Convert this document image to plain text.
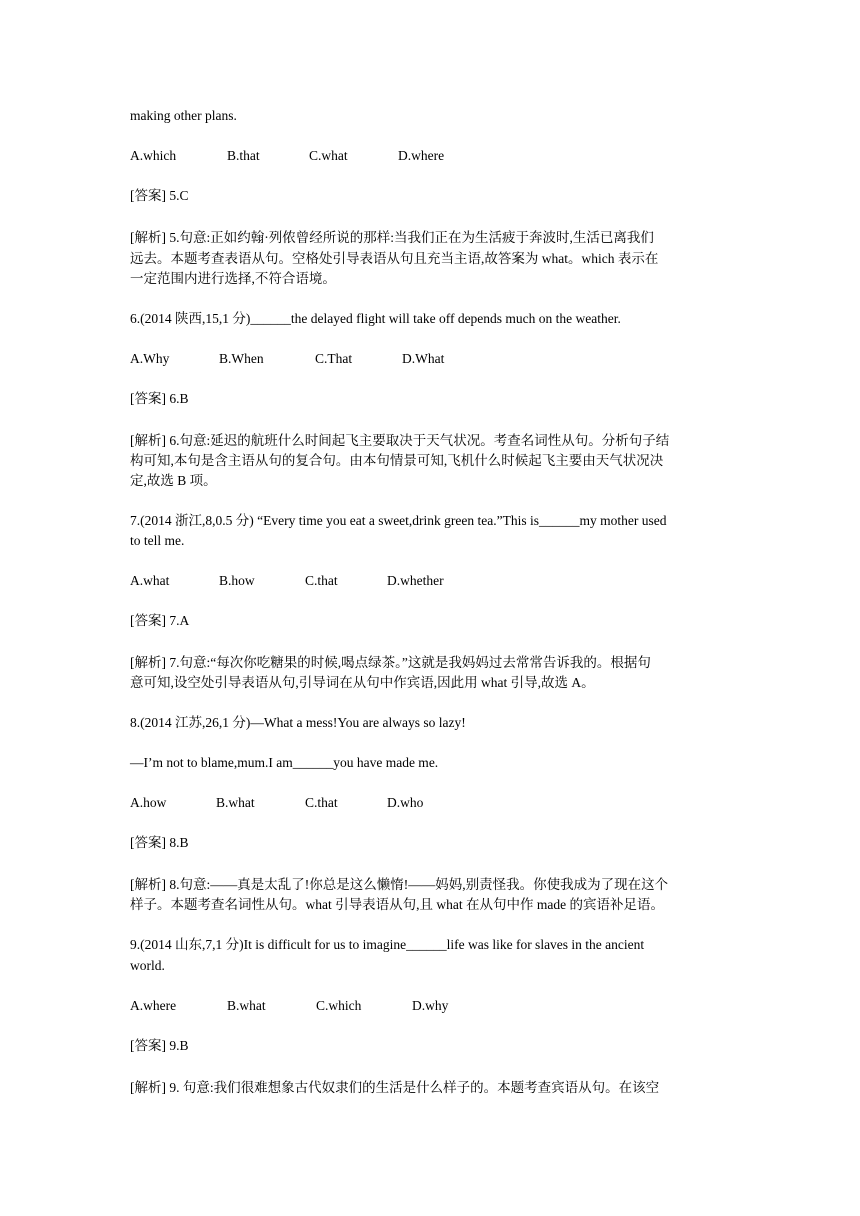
making other plans.

A.which	B.that	C.what	D.where

[答案] 5.C

[解析] 5.句意:正如约翰·列侬曾经所说的那样:当我们正在为生活疲于奔波时,生活已离我们

远去。本题考查表语从句。空格处引导表语从句且充当主语,故答案为 what。which 表示在

一定范围内进行选择,不符合语境。

6.(2014 陕西,15,1 分)______the delayed flight will take off depends much on the weather.

A.Why	B.When	C.That	D.What

[答案] 6.B

[解析] 6.句意:延迟的航班什么时间起飞主要取决于天气状况。考查名词性从句。分析句子结

构可知,本句是含主语从句的复合句。由本句情景可知,飞机什么时候起飞主要由天气状况决

定,故选 B 项。

7.(2014 浙江,8,0.5 分) “Every time you eat a sweet,drink green tea.”This is______my mother used

to tell me.

A.what	B.how	C.that	D.whether

[答案] 7.A

[解析] 7.句意:“每次你吃糖果的时候,喝点绿茶。”这就是我妈妈过去常常告诉我的。根据句

意可知,设空处引导表语从句,引导词在从句中作宾语,因此用 what 引导,故选 A。

8.(2014 江苏,26,1 分)—What a mess!You are always so lazy!

—I’m not to blame,mum.I am______you have made me.

A.how	B.what	C.that	D.who

[答案] 8.B

[解析] 8.句意:——真是太乱了!你总是这么懒惰!——妈妈,别责怪我。你使我成为了现在这个

样子。本题考查名词性从句。what 引导表语从句,且 what 在从句中作 made 的宾语补足语。

9.(2014 山东,7,1 分)It is difficult for us to imagine______life was like for slaves in the ancient

world.

A.where	B.what	C.which	D.why

[答案] 9.B

[解析] 9. 句意:我们很难想象古代奴隶们的生活是什么样子的。本题考查宾语从句。在该空
